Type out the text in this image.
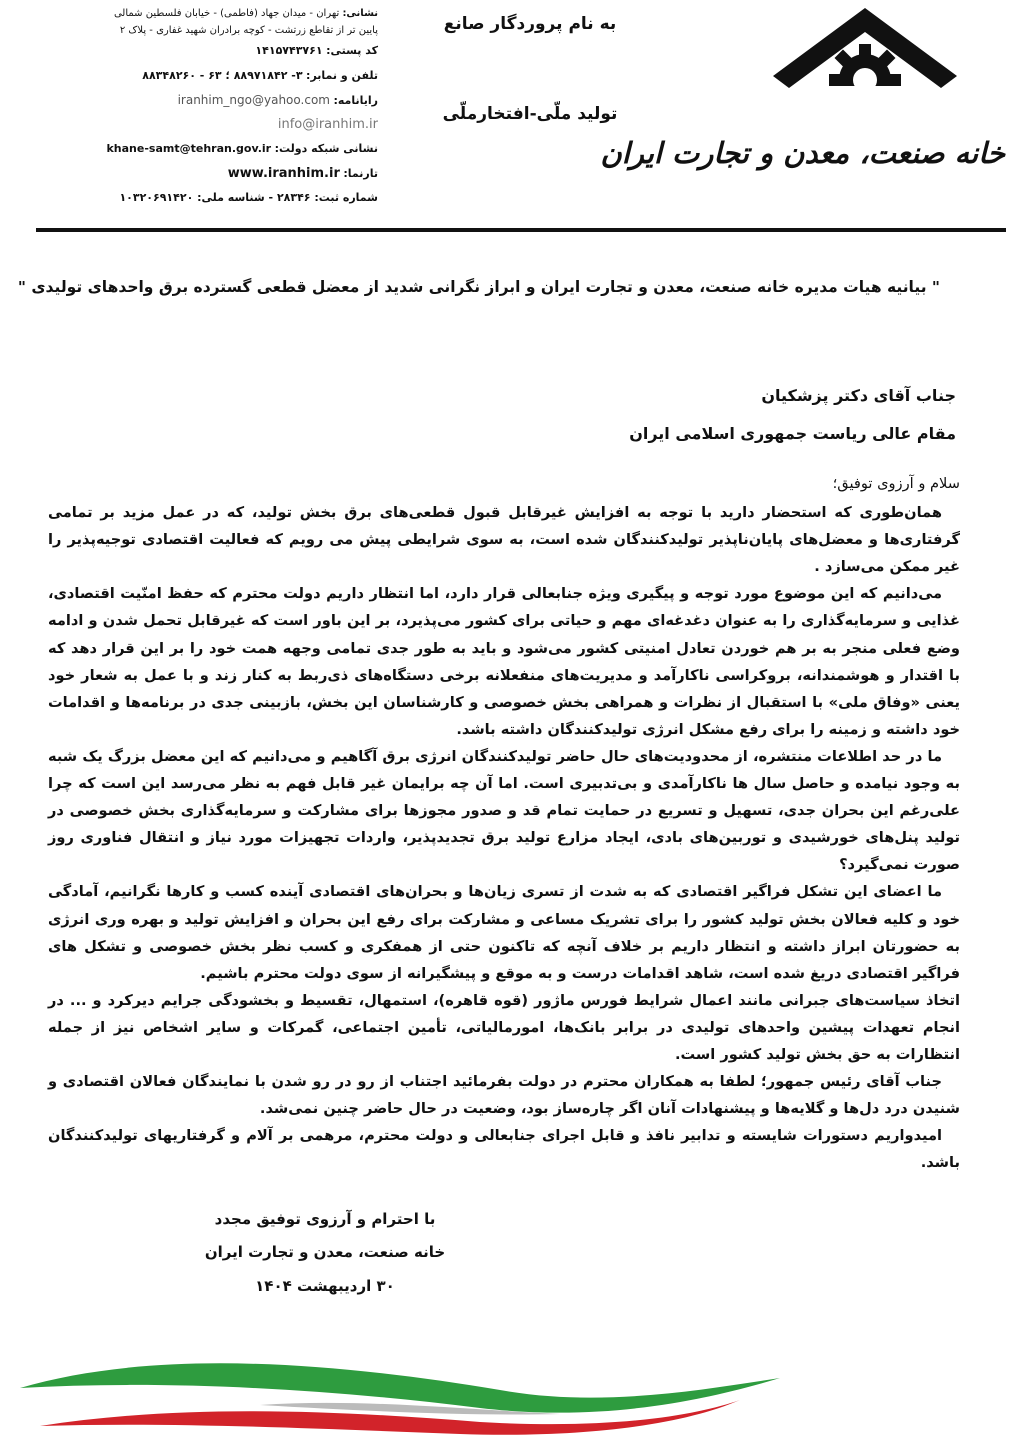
خانه صنعت، معدن و تجارت ایران
به نام پروردگار صانع
تولید ملّی-افتخارملّی
نشانی: تهران - میدان جهاد (فاطمی) - خیابان فلسطین شمالی
پایین تر از تقاطع زرتشت - کوچه برادران شهید غفاری - پلاک ۲
کد پستی: ۱۴۱۵۷۴۳۷۶۱
تلفن و نمابر: ۳- ۸۸۹۷۱۸۴۲ ؛ ۶۳ - ۸۸۳۴۸۲۶۰
رایانامه: iranhim_ngo@yahoo.com
info@iranhim.ir
نشانی شبکه دولت: khane-samt@tehran.gov.ir
تارنما: www.iranhim.ir
شماره ثبت: ۲۸۳۴۶ - شناسه ملی: ۱۰۳۲۰۶۹۱۴۲۰
" بیانیه هیات مدیره خانه صنعت، معدن و تجارت ایران و ابراز نگرانی شدید از معضل قطعی گسترده برق واحدهای تولیدی "
جناب آقای دکتر پزشکیان
مقام عالی ریاست جمهوری اسلامی ایران

سلام و آرزوی توفیق؛

همان‌طوری که استحضار دارید با توجه به افزایش غیرقابل قبول قطعی‌های برق بخش تولید، که در عمل مزید بر تمامی گرفتاری‌ها و معضل‌های پایان‌ناپذیر تولیدکنندگان شده است، به سوی شرایطی پیش می رویم که فعالیت اقتصادی توجیه‌پذیر را غیر ممکن می‌سازد .

می‌دانیم که این موضوع مورد توجه و پیگیری ویژه جنابعالی قرار دارد، اما انتظار داریم دولت محترم که حفظ امنّیت اقتصادی، غذایی و سرمایه‌گذاری را به عنوان دغدغه‌ای مهم و حیاتی برای کشور می‌پذیرد، بر این باور است که غیرقابل تحمل شدن و ادامه وضع فعلی منجر به بر هم خوردن تعادل امنیتی کشور می‌شود و باید به طور جدی تمامی وجهه همت خود را بر این قرار دهد که با اقتدار و هوشمندانه، بروکراسی ناکارآمد و مدیریت‌های منفعلانه برخی دستگاه‌های ذی‌ربط به کنار زند و با عمل به شعار خود یعنی «وفاق ملی» با استقبال از نظرات و همراهی بخش خصوصی و کارشناسان این بخش، بازبینی جدی در برنامه‌ها و اقدامات خود داشته و زمینه را برای رفع مشکل انرژی تولیدکنندگان داشته باشد.

ما در حد اطلاعات منتشره، از محدودیت‌های حال حاضر تولیدکنندگان انرژی برق آگاهیم و می‌دانیم که این معضل بزرگ یک شبه به وجود نیامده و حاصل سال ها ناکارآمدی و بی‌تدبیری است. اما آن چه برایمان غیر قابل فهم به نظر می‌رسد این است که چرا علی‌رغم این بحران جدی، تسهیل و تسریع در حمایت تمام قد و صدور مجوزها برای مشارکت و سرمایه‌گذاری بخش خصوصی در تولید پنل‌های خورشیدی و توربین‌های بادی، ایجاد مزارع تولید برق تجدیدپذیر، واردات تجهیزات مورد نیاز و انتقال فناوری روز صورت نمی‌گیرد؟

ما اعضای این تشکل فراگیر اقتصادی که به شدت از تسری زیان‌ها و بحران‌های اقتصادی آینده کسب و کارها نگرانیم، آمادگی خود و کلیه فعالان بخش تولید کشور را برای تشریک مساعی و مشارکت برای رفع این بحران و افزایش تولید و بهره وری انرژی به حضورتان ابراز داشته و انتظار داریم بر خلاف آنچه که تاکنون حتی از همفکری و کسب نظر بخش خصوصی و تشکل های فراگیر اقتصادی دریغ شده است، شاهد اقدامات درست و به موقع و پیشگیرانه از سوی دولت محترم باشیم.

اتخاذ سیاست‌های جبرانی مانند اعمال شرایط فورس ماژور (قوه قاهره)، استمهال، تقسیط و بخشودگی جرایم دیرکرد و ... در انجام تعهدات پیشین واحدهای تولیدی در برابر بانک‌ها، امورمالیاتی، تأمین اجتماعی، گمرکات و سایر اشخاص نیز از جمله انتظارات به حق بخش تولید کشور است.

جناب آقای رئیس جمهور؛ لطفا به همکاران محترم در دولت بفرمائید اجتناب از رو در رو شدن با نمایندگان فعالان اقتصادی و شنیدن درد دل‌ها و گلایه‌ها و پیشنهادات آنان اگر چاره‌ساز بود، وضعیت در حال حاضر چنین نمی‌شد.

امیدواریم دستورات شایسته و تدابیر نافذ و قابل اجرای جنابعالی و دولت محترم، مرهمی بر آلام و گرفتاریهای تولیدکنندگان باشد.

با احترام و آرزوی توفیق مجدد
خانه صنعت، معدن و تجارت ایران
۳۰ اردیبهشت ۱۴۰۴
